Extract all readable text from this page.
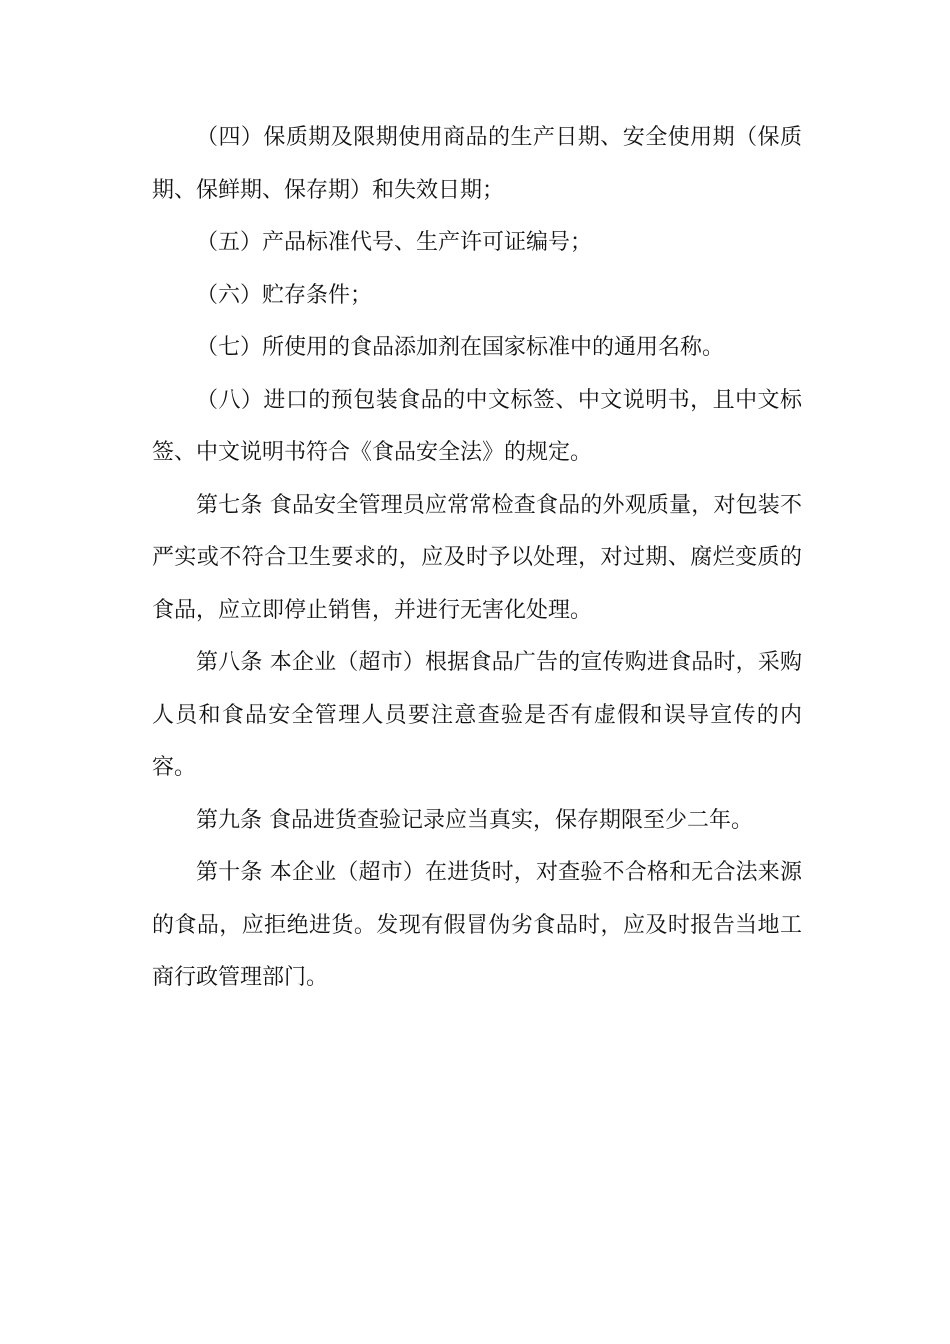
（四）保质期及限期使用商品的生产日期、安全使用期（保质期、保鲜期、保存期）和失效日期；

（五）产品标准代号、生产许可证编号；

（六）贮存条件；

（七）所使用的食品添加剂在国家标准中的通用名称。

（八）进口的预包装食品的中文标签、中文说明书，且中文标签、中文说明书符合《食品安全法》的规定。

第七条 食品安全管理员应常常检查食品的外观质量，对包装不严实或不符合卫生要求的，应及时予以处理，对过期、腐烂变质的食品，应立即停止销售，并进行无害化处理。

第八条 本企业（超市）根据食品广告的宣传购进食品时，采购人员和食品安全管理人员要注意查验是否有虚假和误导宣传的内容。

第九条 食品进货查验记录应当真实，保存期限至少二年。

第十条 本企业（超市）在进货时，对查验不合格和无合法来源的食品，应拒绝进货。发现有假冒伪劣食品时，应及时报告当地工商行政管理部门。
